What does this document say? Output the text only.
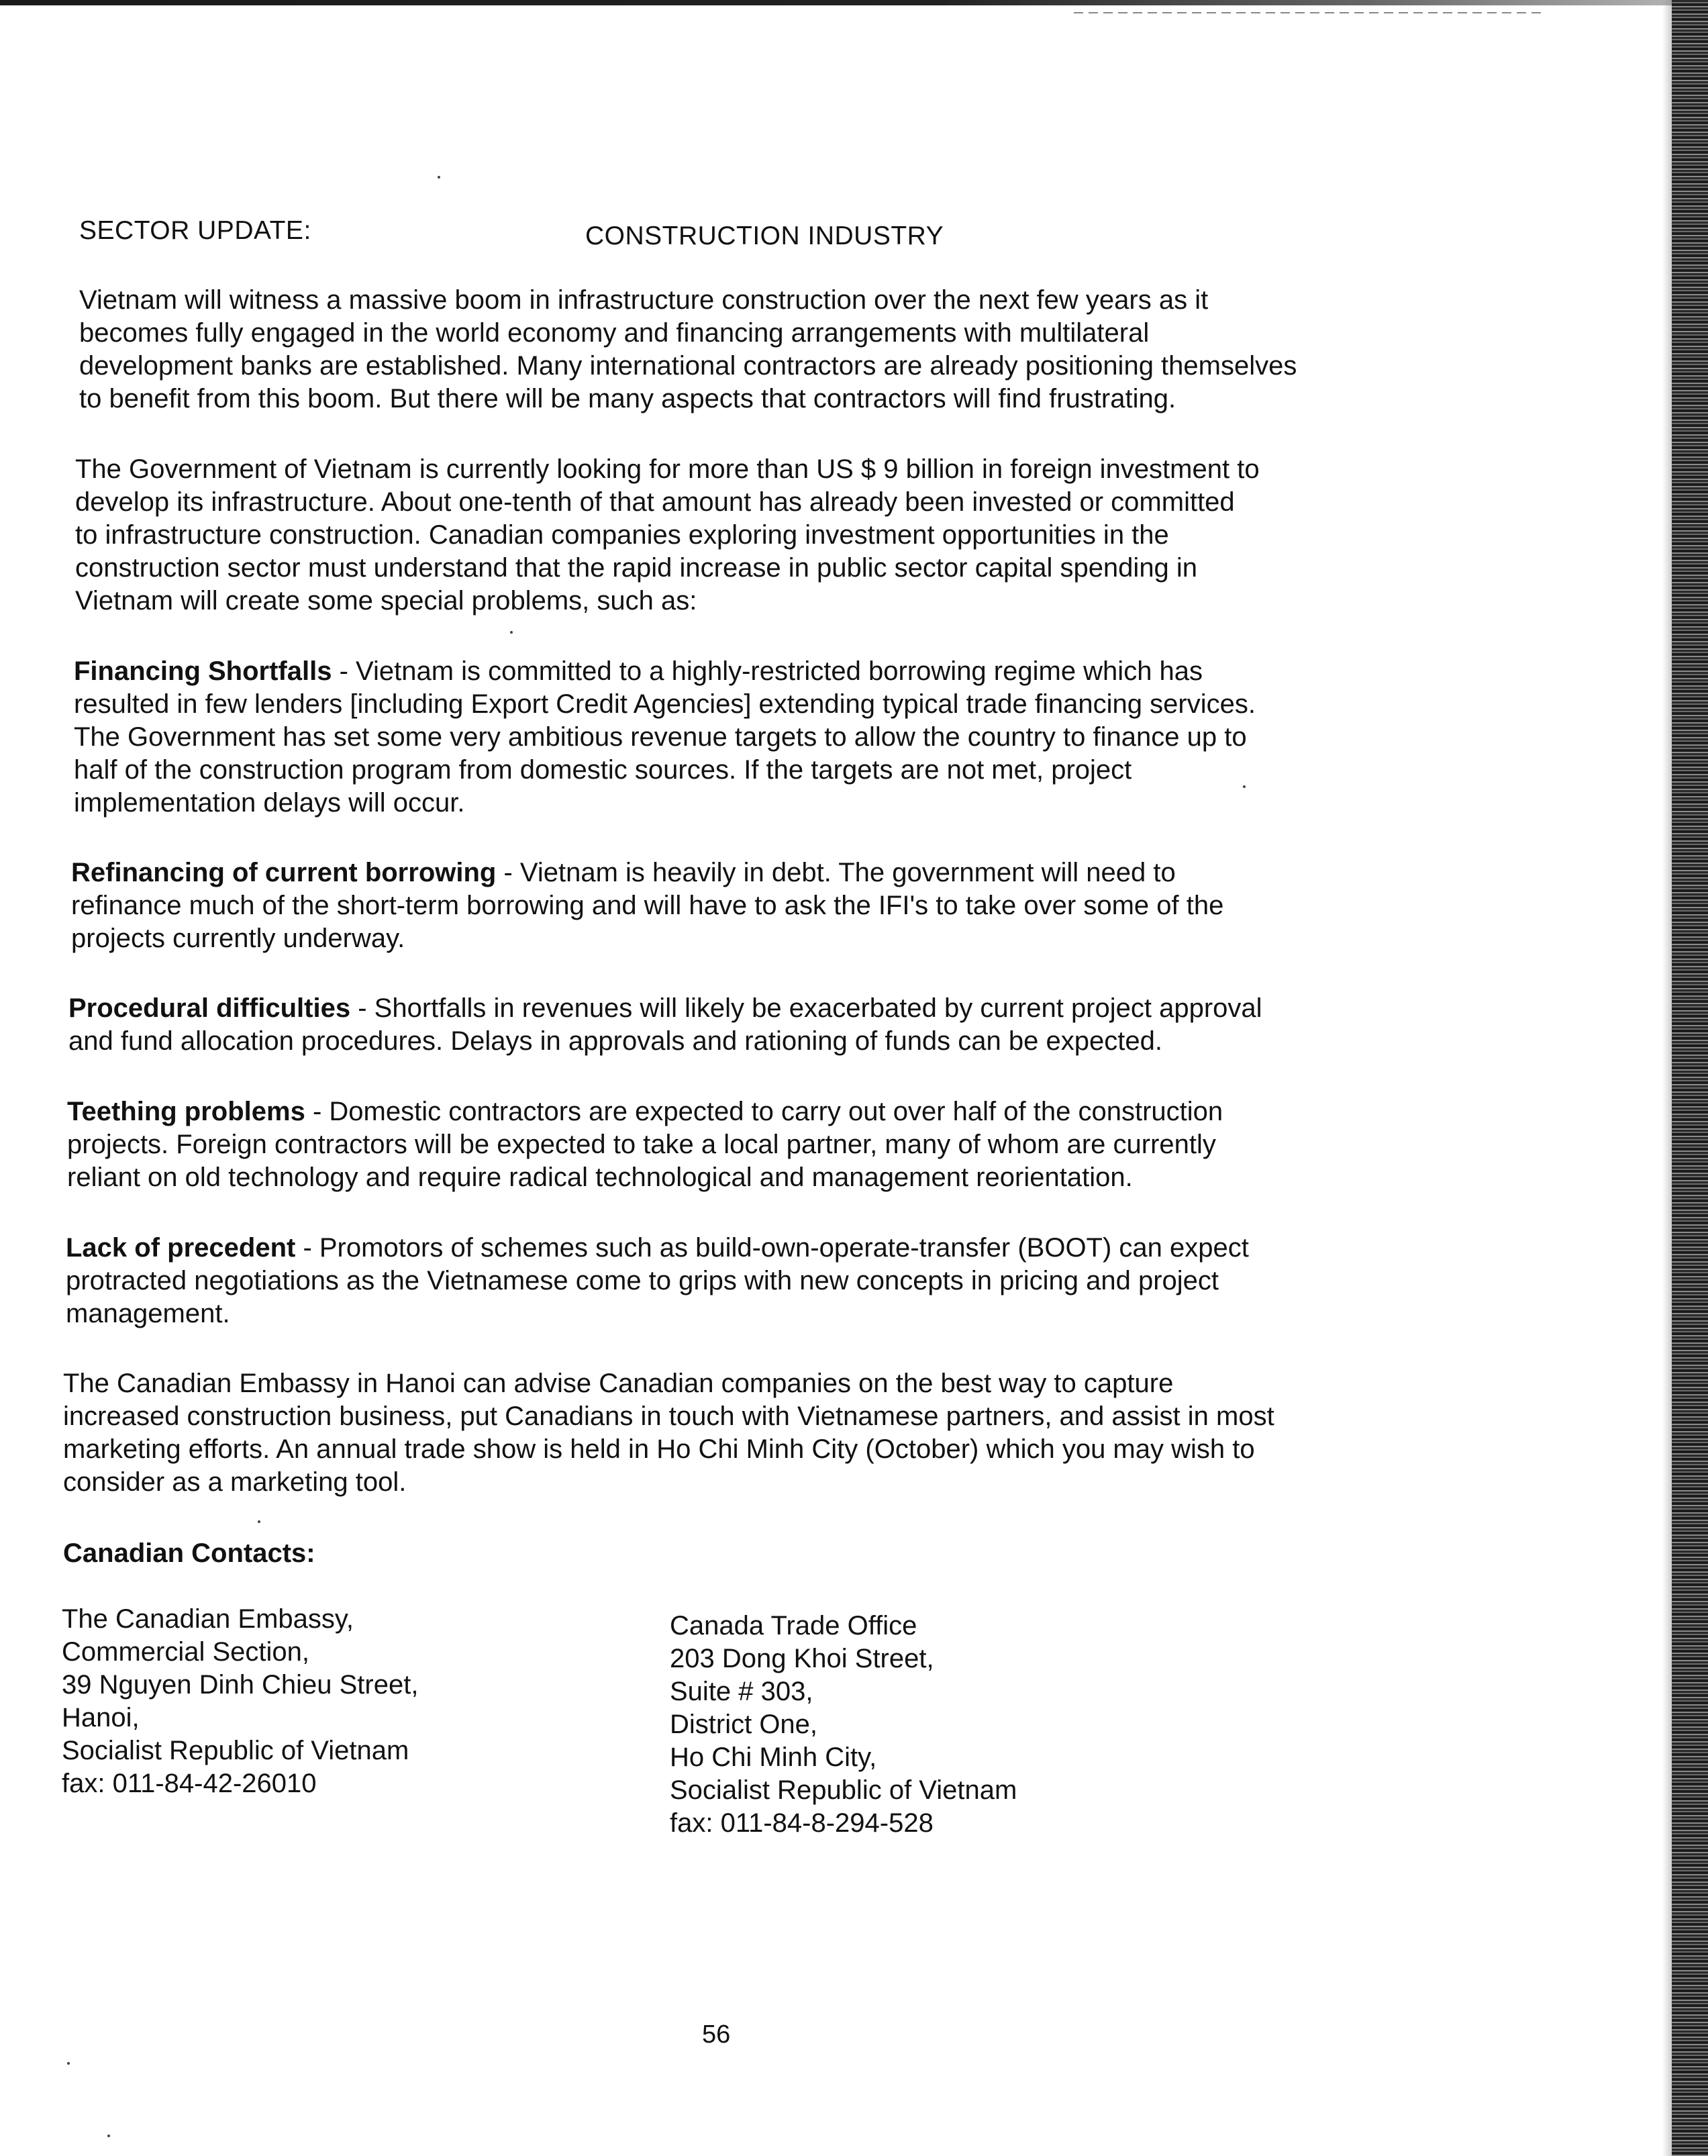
SECTOR UPDATE:	CONSTRUCTION INDUSTRY

Vietnam will witness a massive boom in infrastructure construction over the next few years as it
becomes fully engaged in the world economy and financing arrangements with multilateral
development banks are established. Many international contractors are already positioning themselves
to benefit from this boom. But there will be many aspects that contractors will find frustrating.

The Government of Vietnam is currently looking for more than US $ 9 billion in foreign investment to
develop its infrastructure. About one-tenth of that amount has already been invested or committed
to infrastructure construction. Canadian companies exploring investment opportunities in the
construction sector must understand that the rapid increase in public sector capital spending in
Vietnam will create some special problems, such as:

Financing Shortfalls - Vietnam is committed to a highly-restricted borrowing regime which has
resulted in few lenders [including Export Credit Agencies] extending typical trade financing services.
The Government has set some very ambitious revenue targets to allow the country to finance up to
half of the construction program from domestic sources. If the targets are not met, project
implementation delays will occur.

Refinancing of current borrowing - Vietnam is heavily in debt. The government will need to
refinance much of the short-term borrowing and will have to ask the IFI's to take over some of the
projects currently underway.

Procedural difficulties - Shortfalls in revenues will likely be exacerbated by current project approval
and fund allocation procedures. Delays in approvals and rationing of funds can be expected.

Teething problems - Domestic contractors are expected to carry out over half of the construction
projects. Foreign contractors will be expected to take a local partner, many of whom are currently
reliant on old technology and require radical technological and management reorientation.

Lack of precedent - Promotors of schemes such as build-own-operate-transfer (BOOT) can expect
protracted negotiations as the Vietnamese come to grips with new concepts in pricing and project
management.

The Canadian Embassy in Hanoi can advise Canadian companies on the best way to capture
increased construction business, put Canadians in touch with Vietnamese partners, and assist in most
marketing efforts. An annual trade show is held in Ho Chi Minh City (October) which you may wish to
consider as a marketing tool.

Canadian Contacts:
The Canadian Embassy,
Commercial Section,
39 Nguyen Dinh Chieu Street,
Hanoi,
Socialist Republic of Vietnam
fax: 011-84-42-26010
Canada Trade Office
203 Dong Khoi Street,
Suite # 303,
District One,
Ho Chi Minh City,
Socialist Republic of Vietnam
fax: 011-84-8-294-528
56
